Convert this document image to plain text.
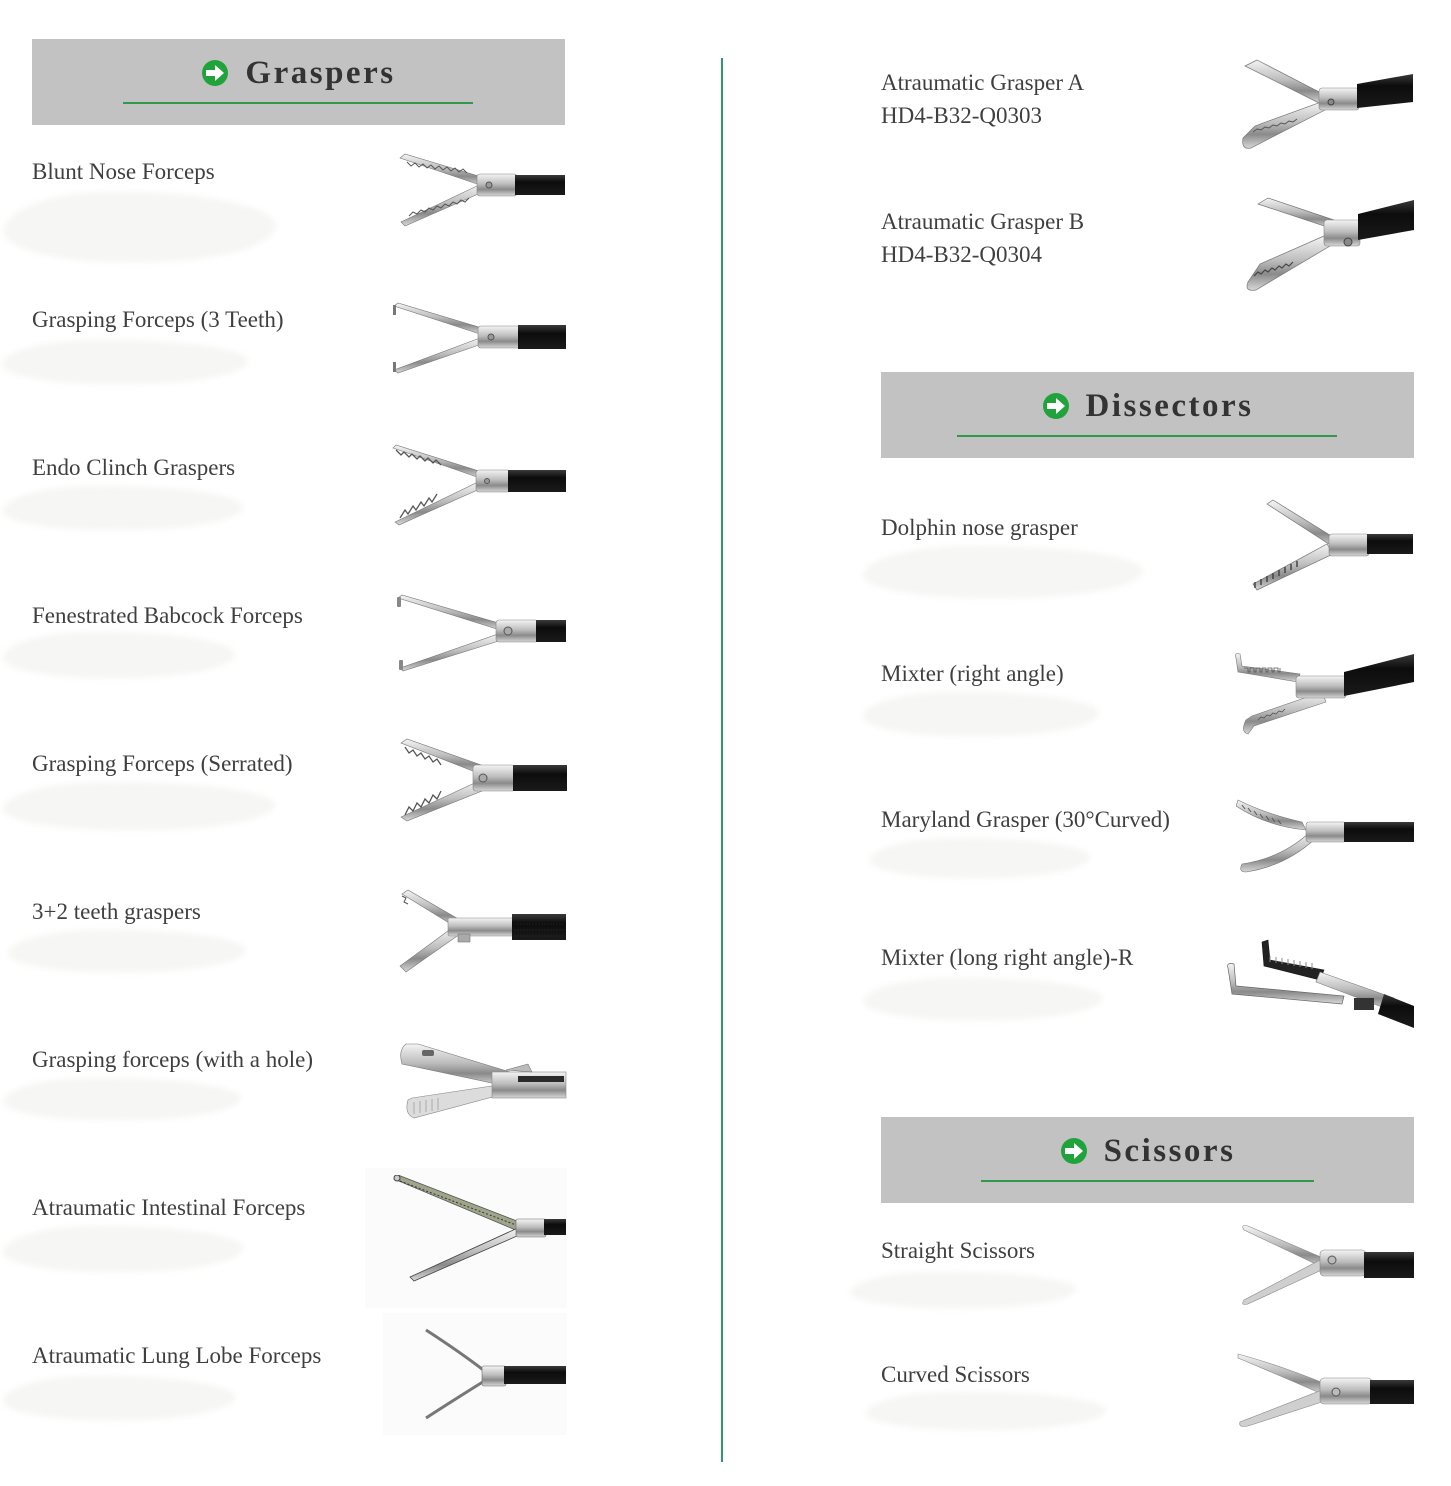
Graspers
Blunt Nose Forceps
Grasping Forceps (3 Teeth)
Endo Clinch Graspers
Fenestrated Babcock Forceps
Grasping Forceps (Serrated)
3+2 teeth graspers
Grasping forceps (with a hole)
Atraumatic Intestinal Forceps
Atraumatic Lung Lobe Forceps
Atraumatic Grasper A
HD4-B32-Q0303
Atraumatic Grasper B
HD4-B32-Q0304
Dissectors
Dolphin nose grasper
Mixter (right angle)
Maryland Grasper (30°Curved)
Mixter (long right angle)-R
Scissors
Straight Scissors
Curved Scissors
